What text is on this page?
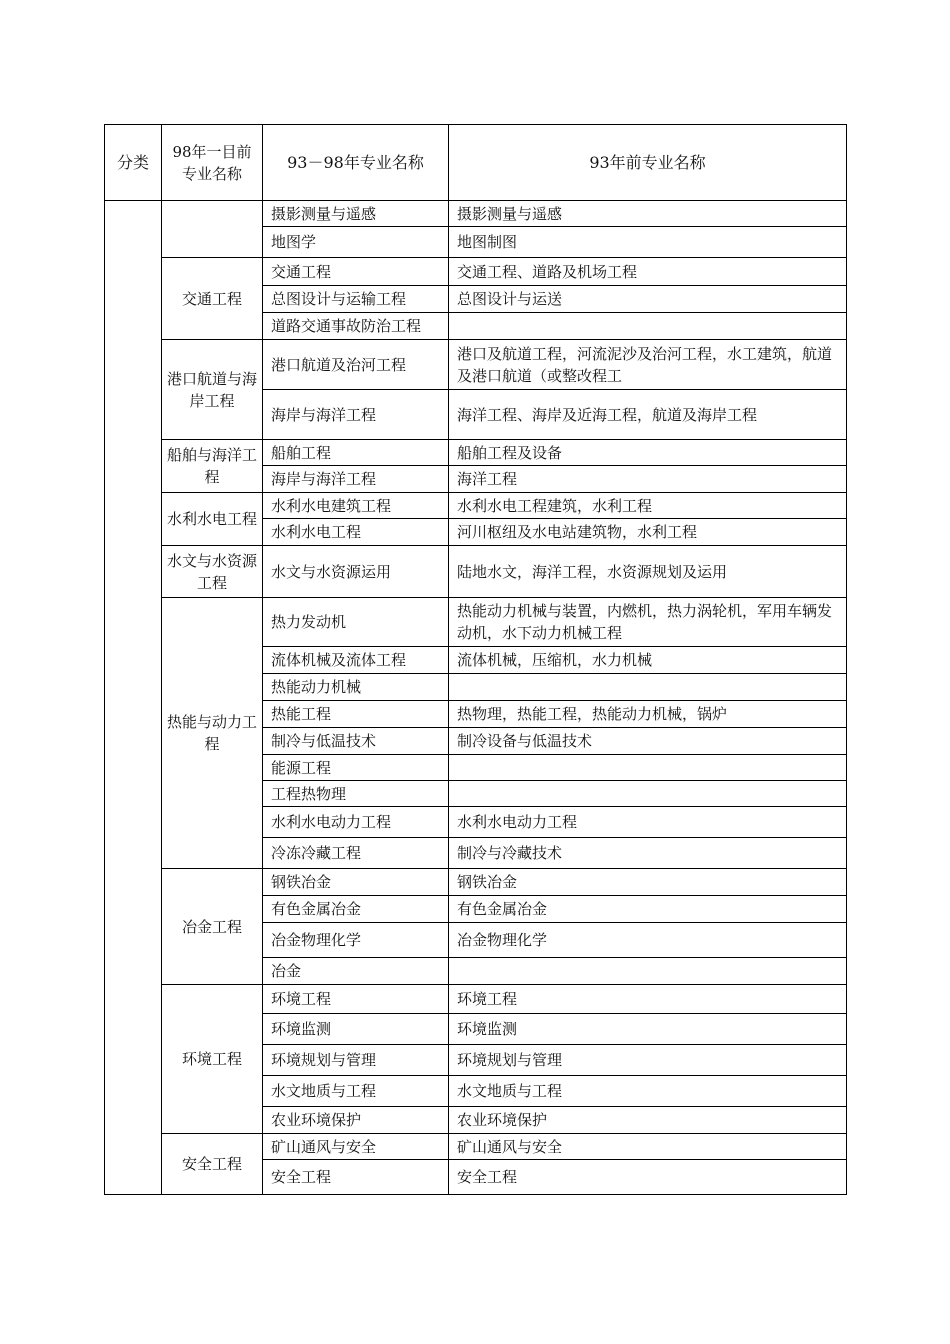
分类	98年一目前专业名称	93－98年专业名称	93年前专业名称
		摄影测量与遥感	摄影测量与遥感
		地图学	地图制图
	交通工程	交通工程	交通工程、道路及机场工程
		总图设计与运输工程	总图设计与运送
		道路交通事故防治工程	
	港口航道与海岸工程	港口航道及治河工程	港口及航道工程，河流泥沙及治河工程，水工建筑，航道及港口航道（或整改程工
		海岸与海洋工程	海洋工程、海岸及近海工程，航道及海岸工程
	船舶与海洋工程	船舶工程	船舶工程及设备
		海岸与海洋工程	海洋工程
	水利水电工程	水利水电建筑工程	水利水电工程建筑，水利工程
		水利水电工程	河川枢纽及水电站建筑物，水利工程
	水文与水资源工程	水文与水资源运用	陆地水文，海洋工程，水资源规划及运用
	热能与动力工程	热力发动机	热能动力机械与装置，内燃机，热力涡轮机，军用车辆发动机，水下动力机械工程
		流体机械及流体工程	流体机械，压缩机，水力机械
		热能动力机械	
		热能工程	热物理，热能工程，热能动力机械，锅炉
		制冷与低温技术	制冷设备与低温技术
		能源工程	
		工程热物理	
		水利水电动力工程	水利水电动力工程
		冷冻冷藏工程	制冷与冷藏技术
	冶金工程	钢铁冶金	钢铁冶金
		有色金属冶金	有色金属冶金
		冶金物理化学	冶金物理化学
		冶金	
	环境工程	环境工程	环境工程
		环境监测	环境监测
		环境规划与管理	环境规划与管理
		水文地质与工程	水文地质与工程
		农业环境保护	农业环境保护
	安全工程	矿山通风与安全	矿山通风与安全
		安全工程	安全工程
